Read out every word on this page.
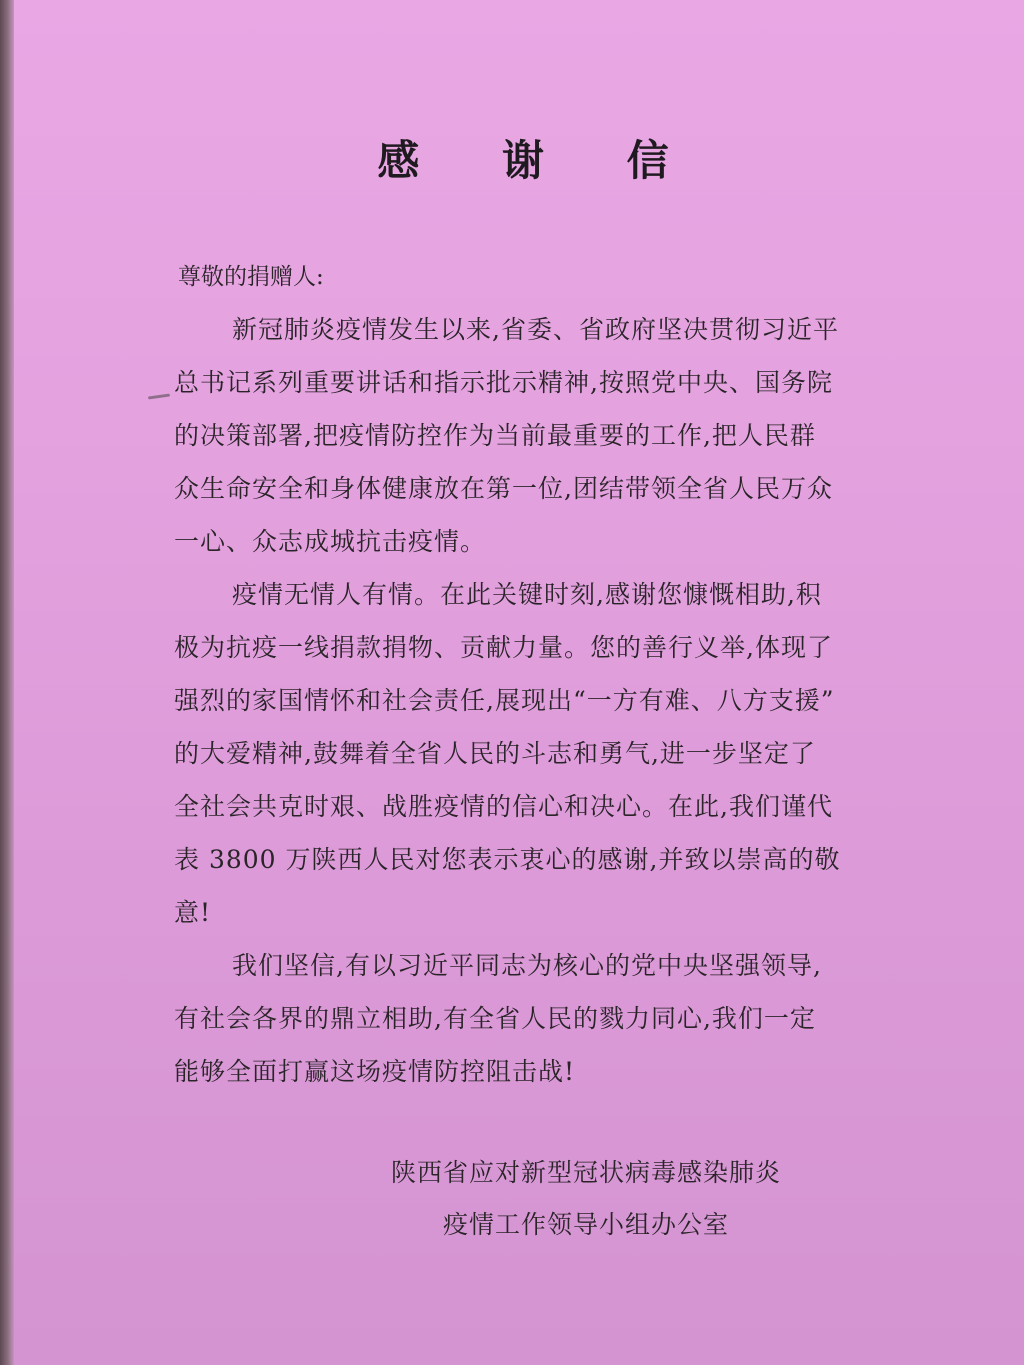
感 谢 信
尊敬的捐赠人:
新冠肺炎疫情发生以来,省委、省政府坚决贯彻习近平
总书记系列重要讲话和指示批示精神,按照党中央、国务院
的决策部署,把疫情防控作为当前最重要的工作,把人民群
众生命安全和身体健康放在第一位,团结带领全省人民万众
一心、众志成城抗击疫情。
疫情无情人有情。在此关键时刻,感谢您慷慨相助,积
极为抗疫一线捐款捐物、贡献力量。您的善行义举,体现了
强烈的家国情怀和社会责任,展现出“一方有难、八方支援”
的大爱精神,鼓舞着全省人民的斗志和勇气,进一步坚定了
全社会共克时艰、战胜疫情的信心和决心。在此,我们谨代
表 3800 万陕西人民对您表示衷心的感谢,并致以崇高的敬
意!
我们坚信,有以习近平同志为核心的党中央坚强领导,
有社会各界的鼎立相助,有全省人民的戮力同心,我们一定
能够全面打赢这场疫情防控阻击战!
陕西省应对新型冠状病毒感染肺炎
疫情工作领导小组办公室
